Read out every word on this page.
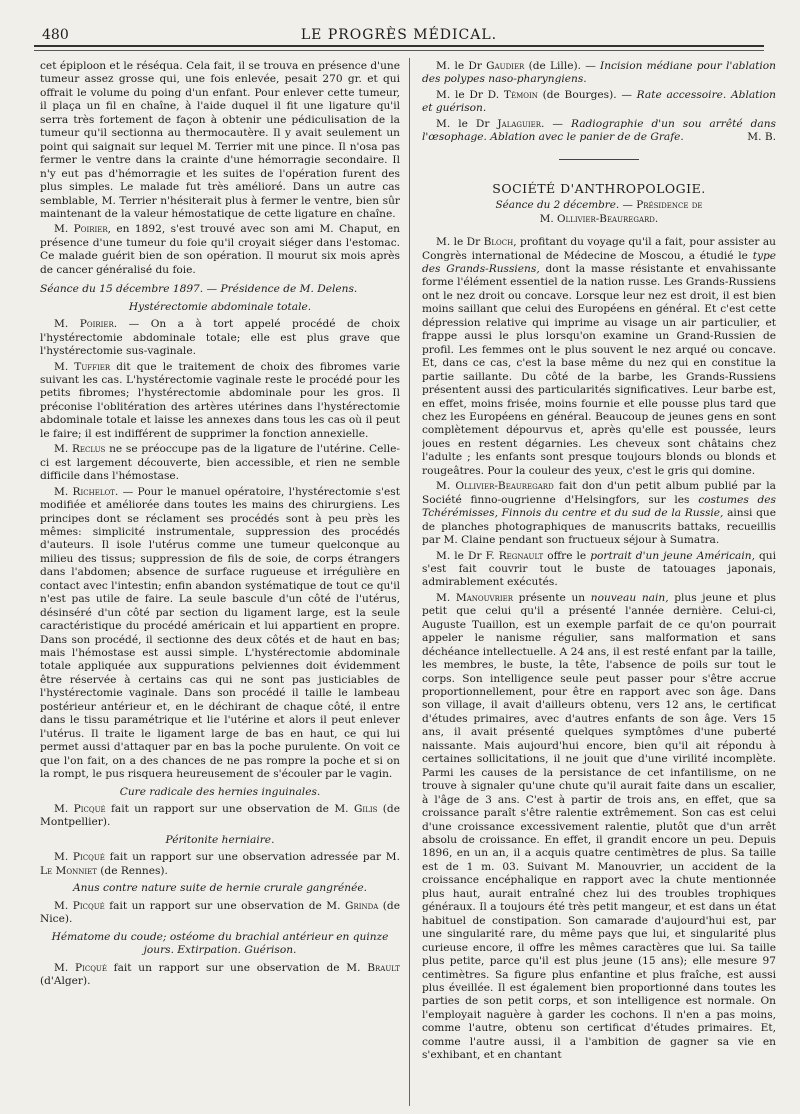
480	LE PROGRÈS MÉDICAL.

cet épiploon et le réséqua. Cela fait, il se trouva en présence d'une tumeur assez grosse qui, une fois enlevée, pesait 270 gr. et qui offrait le volume du poing d'un enfant. Pour enlever cette tumeur, il plaça un fil en chaîne, à l'aide duquel il fit une ligature qu'il serra très fortement de façon à obtenir une pédiculisation de la tumeur qu'il sectionna au thermocautère. Il y avait seulement un point qui saignait sur lequel M. Terrier mit une pince. Il n'osa pas fermer le ventre dans la crainte d'une hémorragie secondaire. Il n'y eut pas d'hémorragie et les suites de l'opération furent des plus simples. Le malade fut très amélioré. Dans un autre cas semblable, M. Terrier n'hésiterait plus à fermer le ventre, bien sûr maintenant de la valeur hémostatique de cette ligature en chaîne.

M. Poirier, en 1892, s'est trouvé avec son ami M. Chaput, en présence d'une tumeur du foie qu'il croyait siéger dans l'estomac. Ce malade guérit bien de son opération. Il mourut six mois après de cancer généralisé du foie.

Séance du 15 décembre 1897. — Présidence de M. Delens.

Hystérectomie abdominale totale.

M. Poirier. — On a à tort appelé procédé de choix l'hystérectomie abdominale totale; elle est plus grave que l'hystérectomie sus-vaginale.

M. Tuffier dit que le traitement de choix des fibromes varie suivant les cas. L'hystérectomie vaginale reste le procédé pour les petits fibromes; l'hystérectomie abdominale pour les gros. Il préconise l'oblitération des artères utérines dans l'hystérectomie abdominale totale et laisse les annexes dans tous les cas où il peut le faire; il est indifférent de supprimer la fonction annexielle.

M. Reclus ne se préoccupe pas de la ligature de l'utérine. Celle-ci est largement découverte, bien accessible, et rien ne semble difficile dans l'hémostase.

M. Richelot. — Pour le manuel opératoire, l'hystérectomie s'est modifiée et améliorée dans toutes les mains des chirurgiens. Les principes dont se réclament ses procédés sont à peu près les mêmes: simplicité instrumentale, suppression des procédés d'auteurs. Il isole l'utérus comme une tumeur quelconque au milieu des tissus; suppression de fils de soie, de corps étrangers dans l'abdomen; absence de surface rugueuse et irrégulière en contact avec l'intestin; enfin abandon systématique de tout ce qu'il n'est pas utile de faire. La seule bascule d'un côté de l'utérus, désinséré d'un côté par section du ligament large, est la seule caractéristique du procédé américain et lui appartient en propre. Dans son procédé, il sectionne des deux côtés et de haut en bas; mais l'hémostase est aussi simple. L'hystérectomie abdominale totale appliquée aux suppurations pelviennes doit évidemment être réservée à certains cas qui ne sont pas justiciables de l'hystérectomie vaginale. Dans son procédé il taille le lambeau postérieur antérieur et, en le déchirant de chaque côté, il entre dans le tissu paramétrique et lie l'utérine et alors il peut enlever l'utérus. Il traite le ligament large de bas en haut, ce qui lui permet aussi d'attaquer par en bas la poche purulente. On voit ce que l'on fait, on a des chances de ne pas rompre la poche et si on la rompt, le pus risquera heureusement de s'écouler par le vagin.

Cure radicale des hernies inguinales.

M. Picqué fait un rapport sur une observation de M. Gilis (de Montpellier).

Péritonite herniaire.

M. Picqué fait un rapport sur une observation adressée par M. Le Monniet (de Rennes).

Anus contre nature suite de hernie crurale gangrénée.

M. Picqué fait un rapport sur une observation de M. Grinda (de Nice).

Hématome du coude; ostéome du brachial antérieur en quinze jours. Extirpation. Guérison.

M. Picqué fait un rapport sur une observation de M. Brault (d'Alger).

M. le Dr Gaudier (de Lille). — Incision médiane pour l'ablation des polypes naso-pharyngiens.

M. le Dr D. Témoin (de Bourges). — Rate accessoire. Ablation et guérison.

M. le Dr Jalaguier. — Radiographie d'un sou arrêté dans l'œsophage. Ablation avec le panier de de Grafe.	M. B.

SOCIÉTÉ D'ANTHROPOLOGIE.

Séance du 2 décembre. — Présidence de
M. Ollivier-Beauregard.

M. le Dr Bloch, profitant du voyage qu'il a fait, pour assister au Congrès international de Médecine de Moscou, a étudié le type des Grands-Russiens, dont la masse résistante et envahissante forme l'élément essentiel de la nation russe. Les Grands-Russiens ont le nez droit ou concave. Lorsque leur nez est droit, il est bien moins saillant que celui des Européens en général. Et c'est cette dépression relative qui imprime au visage un air particulier, et frappe aussi le plus lorsqu'on examine un Grand-Russien de profil. Les femmes ont le plus souvent le nez arqué ou concave. Et, dans ce cas, c'est la base même du nez qui en constitue la partie saillante. Du côté de la barbe, les Grands-Russiens présentent aussi des particularités significatives. Leur barbe est, en effet, moins frisée, moins fournie et elle pousse plus tard que chez les Européens en général. Beaucoup de jeunes gens en sont complètement dépourvus et, après qu'elle est poussée, leurs joues en restent dégarnies. Les cheveux sont châtains chez l'adulte ; les enfants sont presque toujours blonds ou blonds et rougeâtres. Pour la couleur des yeux, c'est le gris qui domine.

M. Ollivier-Beauregard fait don d'un petit album publié par la Société finno-ougrienne d'Helsingfors, sur les costumes des Tchérémisses, Finnois du centre et du sud de la Russie, ainsi que de planches photographiques de manuscrits battaks, recueillis par M. Claine pendant son fructueux séjour à Sumatra.

M. le Dr F. Regnault offre le portrait d'un jeune Américain, qui s'est fait couvrir tout le buste de tatouages japonais, admirablement exécutés.

M. Manouvrier présente un nouveau nain, plus jeune et plus petit que celui qu'il a présenté l'année dernière. Celui-ci, Auguste Tuaillon, est un exemple parfait de ce qu'on pourrait appeler le nanisme régulier, sans malformation et sans déchéance intellectuelle. A 24 ans, il est resté enfant par la taille, les membres, le buste, la tête, l'absence de poils sur tout le corps. Son intelligence seule peut passer pour s'être accrue proportionnellement, pour être en rapport avec son âge. Dans son village, il avait d'ailleurs obtenu, vers 12 ans, le certificat d'études primaires, avec d'autres enfants de son âge. Vers 15 ans, il avait présenté quelques symptômes d'une puberté naissante. Mais aujourd'hui encore, bien qu'il ait répondu à certaines sollicitations, il ne jouit que d'une virilité incomplète. Parmi les causes de la persistance de cet infantilisme, on ne trouve à signaler qu'une chute qu'il aurait faite dans un escalier, à l'âge de 3 ans. C'est à partir de trois ans, en effet, que sa croissance paraît s'être ralentie extrêmement. Son cas est celui d'une croissance excessivement ralentie, plutôt que d'un arrêt absolu de croissance. En effet, il grandit encore un peu. Depuis 1896, en un an, il a acquis quatre centimètres de plus. Sa taille est de 1 m. 03. Suivant M. Manouvrier, un accident de la croissance encéphalique en rapport avec la chute mentionnée plus haut, aurait entraîné chez lui des troubles trophiques généraux. Il a toujours été très petit mangeur, et est dans un état habituel de constipation. Son camarade d'aujourd'hui est, par une singularité rare, du même pays que lui, et singularité plus curieuse encore, il offre les mêmes caractères que lui. Sa taille plus petite, parce qu'il est plus jeune (15 ans); elle mesure 97 centimètres. Sa figure plus enfantine et plus fraîche, est aussi plus éveillée. Il est également bien proportionné dans toutes les parties de son petit corps, et son intelligence est normale. On l'employait naguère à garder les cochons. Il n'en a pas moins, comme l'autre, obtenu son certificat d'études primaires. Et, comme l'autre aussi, il a l'ambition de gagner sa vie en s'exhibant, et en chantant
